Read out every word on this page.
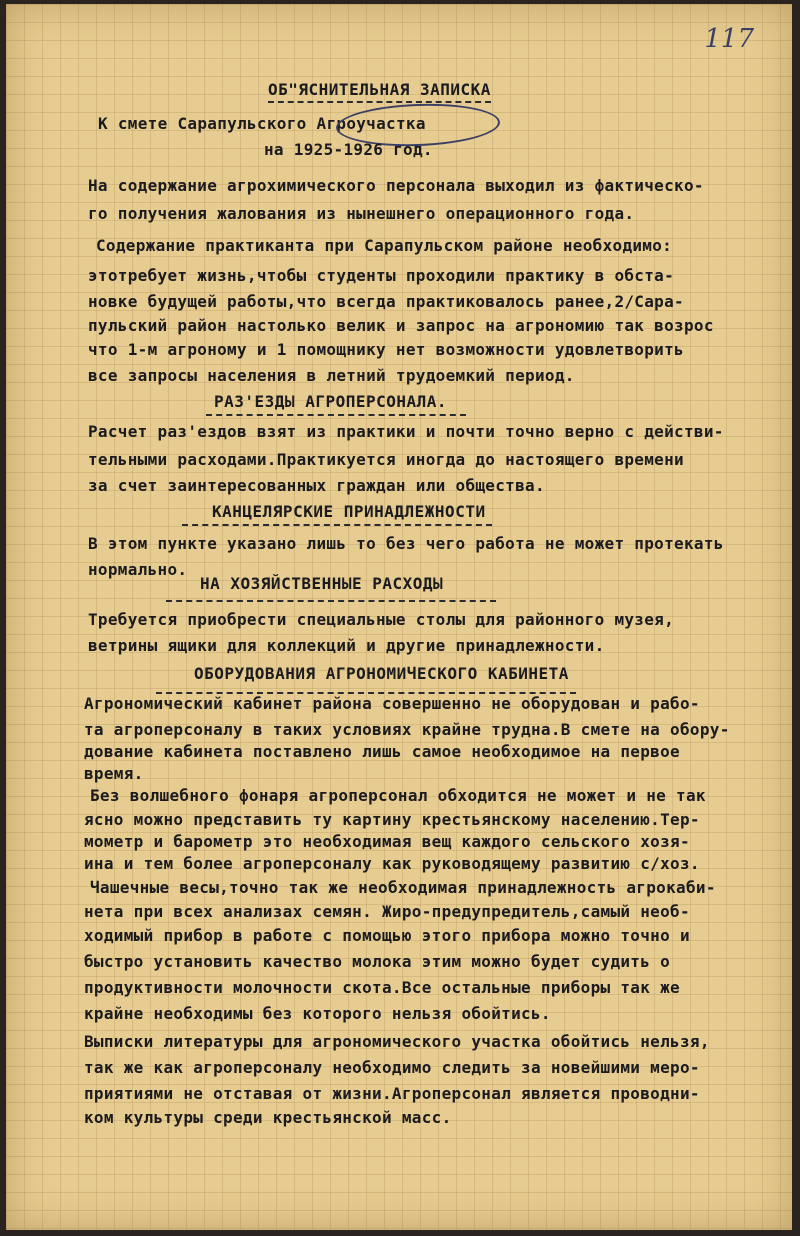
117
ОБ"ЯСНИТЕЛЬНАЯ ЗАПИСКА
К смете Сарапульского Агроучастка
на 1925-1926 год.
На содержание агрохимического персонала выходил из фактическо-
го получения жалования из нынешнего операционного года.
Содержание практиканта при Сарапульском районе необходимо:
этотребует жизнь,чтобы студенты проходили практику в обста-
новке будущей работы,что всегда практиковалось ранее,2/Сара-
пульский район настолько велик и запрос на агрономию так возрос
что 1-м агроному и 1 помощнику нет возможности удовлетворить
все запросы населения в летний трудоемкий период.
РАЗ'ЕЗДЫ АГРОПЕРСОНАЛА.
Расчет раз'ездов взят из практики и почти точно верно с действи-
тельными расходами.Практикуется иногда до настоящего времени
за счет заинтересованных граждан или общества.
КАНЦЕЛЯРСКИЕ ПРИНАДЛЕЖНОСТИ
В этом пункте указано лишь то без чего работа не может протекать
нормально.
НА ХОЗЯЙСТВЕННЫЕ РАСХОДЫ
Требуется приобрести специальные столы для районного музея,
ветрины ящики для коллекций и другие принадлежности.
ОБОРУДОВАНИЯ АГРОНОМИЧЕСКОГО КАБИНЕТА
Агрономический кабинет района совершенно не оборудован и рабо-
та агроперсоналу в таких условиях крайне трудна.В смете на обору-
дование кабинета поставлено лишь самое необходимое на первое
время.
Без волшебного фонаря агроперсонал обходится не может и не так
ясно можно представить ту картину крестьянскому населению.Тер-
мометр и барометр это необходимая вещ каждого сельского хозя-
ина и тем более агроперсоналу как руководящему развитию с/хоз.
Чашечные весы,точно так же необходимая принадлежность агрокаби-
нета при всех анализах семян. Жиро-предупредитель,самый необ-
ходимый прибор в работе с помощью этого прибора можно точно и
быстро установить качество молока этим можно будет судить о
продуктивности молочности скота.Все остальные приборы так же
крайне необходимы без которого нельзя обойтись.
Выписки литературы для агрономического участка обойтись нельзя,
так же как агроперсоналу необходимо следить за новейшими меро-
приятиями не отставая от жизни.Агроперсонал является проводни-
ком культуры среди крестьянской масс.
